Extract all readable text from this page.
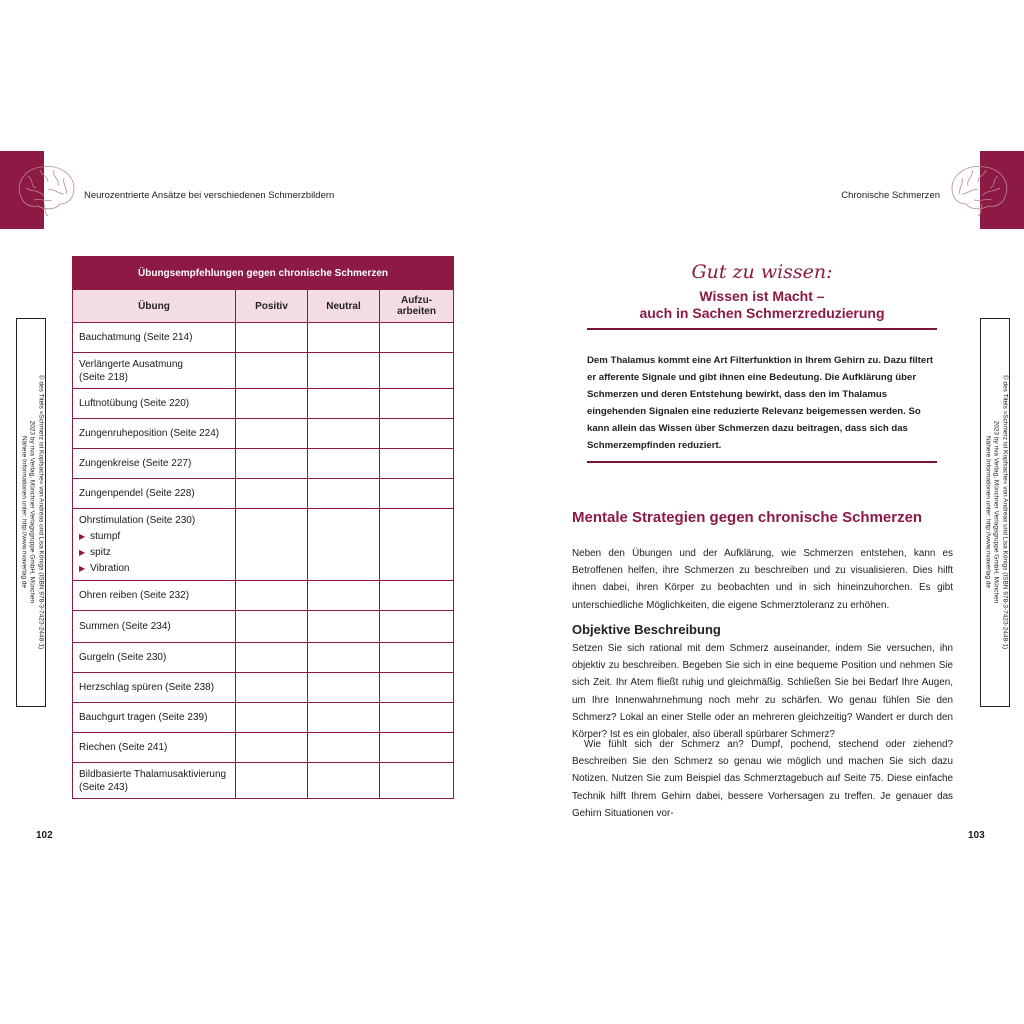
Neurozentrierte Ansätze bei verschiedenen Schmerzbildern	Chronische Schmerzen
Übungsempfehlungen gegen chronische Schmerzen			
Übung	Positiv	Neutral	Aufzu-
arbeiten
Bauchatmung (Seite 214)			
Verlängerte Ausatmung
(Seite 218)			
Luftnotübung (Seite 220)			
Zungenruheposition (Seite 224)			
Zungenkreise (Seite 227)			
Zungenpendel (Seite 228)			
Ohrstimulation (Seite 230)
▶ stumpf
▶ spitz
▶ Vibration			

Ohren reiben (Seite 232)			
Summen (Seite 234)			
Gurgeln (Seite 230)			
Herzschlag spüren (Seite 238)			
Bauchgurt tragen (Seite 239)			
Riechen (Seite 241)			
Bildbasierte Thalamusaktivierung
(Seite 243)			
© des Titels »Schmerz ist Kopfsache« von Andreas und Lisa Königs (ISBN 978-3-7423-2448-1)
2023 by riva Verlag, Münchner Verlagsgruppe GmbH, München
Nähere Informationen unter: http://www.rivaverlag.de	© des Titels »Schmerz ist Kopfsache« von Andreas und Lisa Königs (ISBN 978-3-7423-2448-1)
2023 by riva Verlag, Münchner Verlagsgruppe GmbH, München
Nähere Informationen unter: http://www.rivaverlag.de
102	103
Gut zu wissen:
Wissen ist Macht –
auch in Sachen Schmerzreduzierung
Dem Thalamus kommt eine Art Filterfunktion in Ihrem Gehirn zu. Dazu filtert er afferente Signale und gibt ihnen eine Bedeutung. Die Aufklärung über Schmerzen und deren Entstehung bewirkt, dass den im Thalamus eingehenden Signalen eine reduzierte Relevanz beigemessen werden. So kann allein das Wissen über Schmerzen dazu beitragen, dass sich das Schmerzempfinden reduziert.
Mentale Strategien gegen chronische Schmerzen
Neben den Übungen und der Aufklärung, wie Schmerzen entstehen, kann es Betroffenen helfen, ihre Schmerzen zu beschreiben und zu visualisieren. Dies hilft ihnen dabei, ihren Körper zu beobachten und in sich hineinzuhorchen. Es gibt unterschiedliche Möglichkeiten, die eigene Schmerztoleranz zu erhöhen.
Objektive Beschreibung
Setzen Sie sich rational mit dem Schmerz auseinander, indem Sie versuchen, ihn objektiv zu beschreiben. Begeben Sie sich in eine bequeme Position und nehmen Sie sich Zeit. Ihr Atem fließt ruhig und gleichmäßig. Schließen Sie bei Bedarf Ihre Augen, um Ihre Innenwahrnehmung noch mehr zu schärfen. Wo genau fühlen Sie den Schmerz? Lokal an einer Stelle oder an mehreren gleichzeitig? Wandert er durch den Körper? Ist es ein globaler, also überall spürbarer Schmerz?
Wie fühlt sich der Schmerz an? Dumpf, pochend, stechend oder ziehend? Beschreiben Sie den Schmerz so genau wie möglich und machen Sie sich dazu Notizen. Nutzen Sie zum Beispiel das Schmerztagebuch auf Seite 75. Diese einfache Technik hilft Ihrem Gehirn dabei, bessere Vorhersagen zu treffen. Je genauer das Gehirn Situationen vor-
